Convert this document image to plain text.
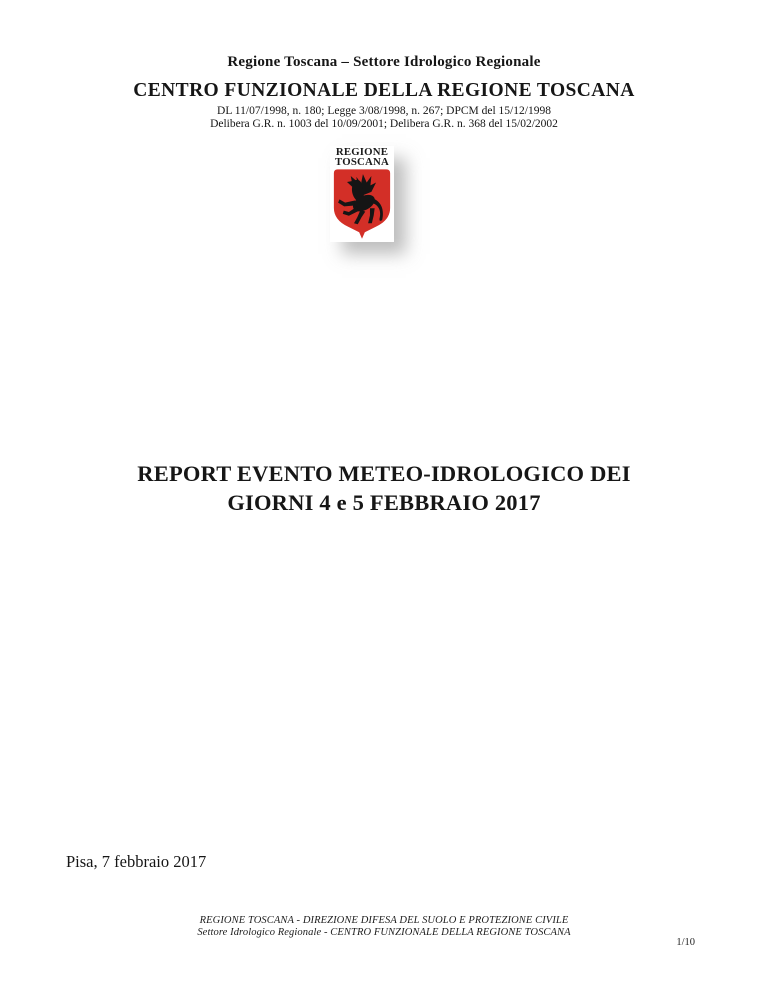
Regione Toscana – Settore Idrologico Regionale
CENTRO FUNZIONALE DELLA REGIONE TOSCANA
DL 11/07/1998, n. 180; Legge 3/08/1998, n. 267; DPCM del 15/12/1998
Delibera G.R. n. 1003 del 10/09/2001; Delibera G.R. n. 368 del 15/02/2002
REGIONE
TOSCANA
REPORT EVENTO METEO-IDROLOGICO DEI
GIORNI 4 e 5 FEBBRAIO 2017
Pisa, 7 febbraio 2017
REGIONE TOSCANA - DIREZIONE DIFESA DEL SUOLO E PROTEZIONE CIVILE
Settore Idrologico Regionale - CENTRO FUNZIONALE DELLA REGIONE TOSCANA
1/10
